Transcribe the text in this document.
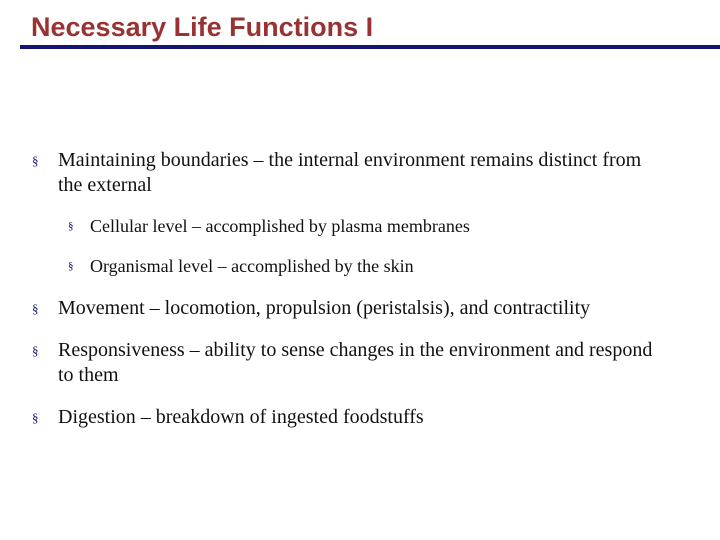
Necessary Life Functions I

§ Maintaining boundaries – the internal environment remains distinct from the external

§ Cellular level – accomplished by plasma membranes

§ Organismal level – accomplished by the skin

§ Movement – locomotion, propulsion (peristalsis), and contractility

§ Responsiveness – ability to sense changes in the environment and respond to them

§ Digestion – breakdown of ingested foodstuffs
